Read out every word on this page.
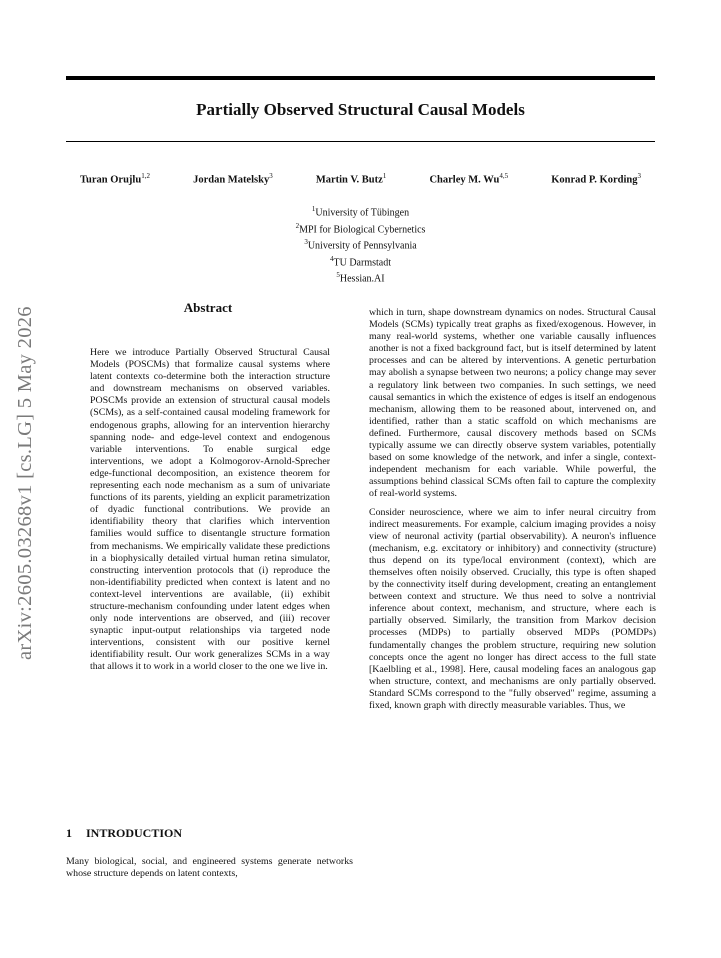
Partially Observed Structural Causal Models
Turan Orujlu$^{1,2}$	Jordan Matelsky$^3$	Martin V. Butz$^1$	Charley M. Wu$^{4,5}$	Konrad P. Kording$^3$
$^1$University of Tübingen
$^2$MPI for Biological Cybernetics
$^3$University of Pennsylvania
$^4$TU Darmstadt
$^5$Hessian.AI
arXiv:2605.03268v1 [cs.LG] 5 May 2026	Abstract
Here we introduce Partially Observed Structural Causal Models (POSCMs) that formalize causal systems where latent contexts co-determine both the interaction structure and downstream mechanisms on observed variables. POSCMs provide an extension of structural causal models (SCMs), as a self-contained causal modeling framework for endogenous graphs, allowing for an intervention hierarchy spanning node- and edge-level context and endogenous variable interventions. To enable surgical edge interventions, we adopt a Kolmogorov-Arnold-Sprecher edge-functional decomposition, an existence theorem for representing each node mechanism as a sum of univariate functions of its parents, yielding an explicit parametrization of dyadic functional contributions. We provide an identifiability theory that clarifies which intervention families would suffice to disentangle structure formation from mechanisms. We empirically validate these predictions in a biophysically detailed virtual human retina simulator, constructing intervention protocols that (i) reproduce the non-identifiability predicted when context is latent and no context-level interventions are available, (ii) exhibit structure-mechanism confounding under latent edges when only node interventions are observed, and (iii) recover synaptic input-output relationships via targeted node interventions, consistent with our positive kernel identifiability result. Our work generalizes SCMs in a way that allows it to work in a world closer to the one we live in.
1 INTRODUCTION
Many biological, social, and engineered systems generate networks whose structure depends on latent contexts,

which in turn, shape downstream dynamics on nodes. Structural Causal Models (SCMs) typically treat graphs as fixed/exogenous. However, in many real-world systems, whether one variable causally influences another is not a fixed background fact, but is itself determined by latent processes and can be altered by interventions. A genetic perturbation may abolish a synapse between two neurons; a policy change may sever a regulatory link between two companies. In such settings, we need causal semantics in which the existence of edges is itself an endogenous mechanism, allowing them to be reasoned about, intervened on, and identified, rather than a static scaffold on which mechanisms are defined. Furthermore, causal discovery methods based on SCMs typically assume we can directly observe system variables, potentially based on some knowledge of the network, and infer a single, context-independent mechanism for each variable. While powerful, the assumptions behind classical SCMs often fail to capture the complexity of real-world systems.

Consider neuroscience, where we aim to infer neural circuitry from indirect measurements. For example, calcium imaging provides a noisy view of neuronal activity (partial observability). A neuron's influence (mechanism, e.g. excitatory or inhibitory) and connectivity (structure) thus depend on its type/local environment (context), which are themselves often noisily observed. Crucially, this type is often shaped by the connectivity itself during development, creating an entanglement between context and structure. We thus need to solve a nontrivial inference about context, mechanism, and structure, where each is partially observed. Similarly, the transition from Markov decision processes (MDPs) to partially observed MDPs (POMDPs) fundamentally changes the problem structure, requiring new solution concepts once the agent no longer has direct access to the full state [Kaelbling et al., 1998]. Here, causal modeling faces an analogous gap when structure, context, and mechanisms are only partially observed. Standard SCMs correspond to the "fully observed" regime, assuming a fixed, known graph with directly measurable variables. Thus, we
